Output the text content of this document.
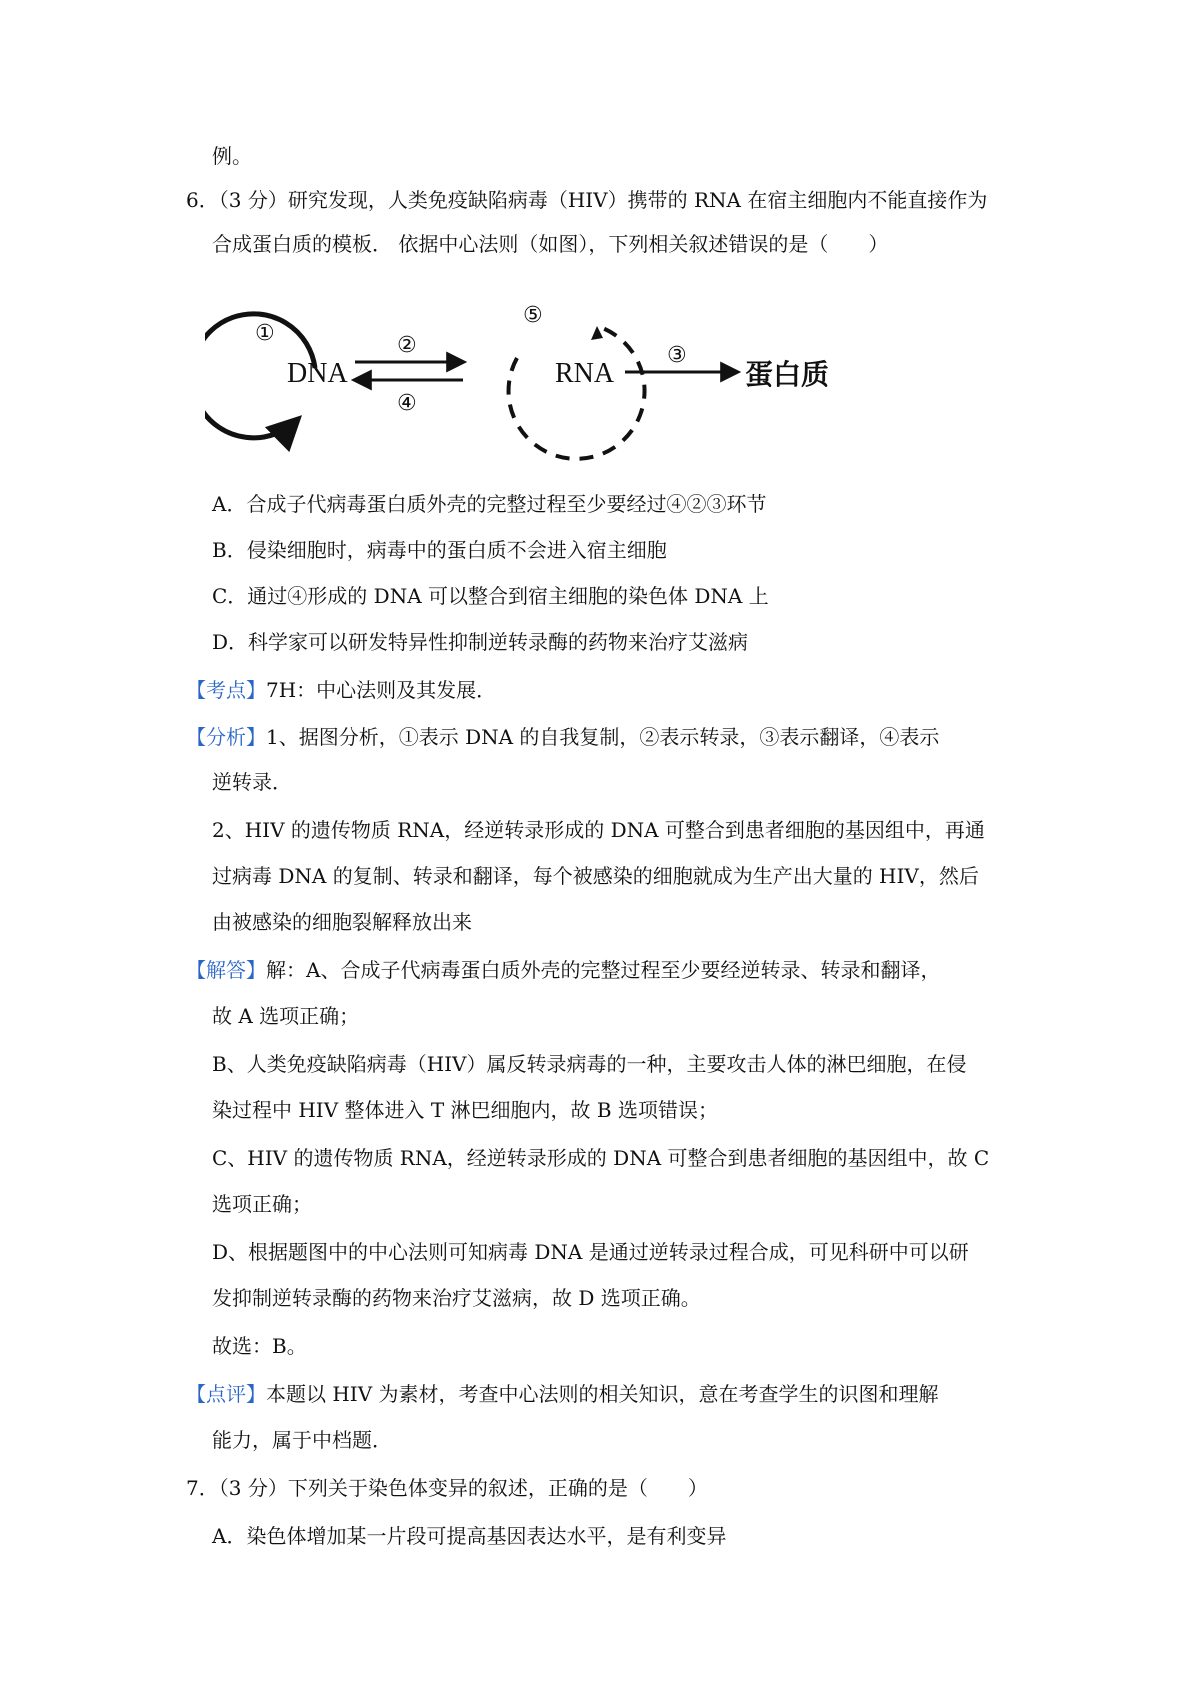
例。
6．（3 分）研究发现，人类免疫缺陷病毒（HIV）携带的 RNA 在宿主细胞内不能直接作为
合成蛋白质的模板． 依据中心法则（如图），下列相关叙述错误的是（　　）
①
DNA
②
④
⑤
RNA
③
蛋白质
A．合成子代病毒蛋白质外壳的完整过程至少要经过④②③环节
B．侵染细胞时，病毒中的蛋白质不会进入宿主细胞
C．通过④形成的 DNA 可以整合到宿主细胞的染色体 DNA 上
D．科学家可以研发特异性抑制逆转录酶的药物来治疗艾滋病
【考点】7H：中心法则及其发展．
【分析】1、据图分析，①表示 DNA 的自我复制，②表示转录，③表示翻译，④表示
逆转录．
2、HIV 的遗传物质 RNA，经逆转录形成的 DNA 可整合到患者细胞的基因组中，再通
过病毒 DNA 的复制、转录和翻译，每个被感染的细胞就成为生产出大量的 HIV，然后
由被感染的细胞裂解释放出来
【解答】解：A、合成子代病毒蛋白质外壳的完整过程至少要经逆转录、转录和翻译，
故 A 选项正确；
B、人类免疫缺陷病毒（HIV）属反转录病毒的一种，主要攻击人体的淋巴细胞，在侵
染过程中 HIV 整体进入 T 淋巴细胞内，故 B 选项错误；
C、HIV 的遗传物质 RNA，经逆转录形成的 DNA 可整合到患者细胞的基因组中，故 C
选项正确；
D、根据题图中的中心法则可知病毒 DNA 是通过逆转录过程合成，可见科研中可以研
发抑制逆转录酶的药物来治疗艾滋病，故 D 选项正确。
故选：B。
【点评】本题以 HIV 为素材，考查中心法则的相关知识，意在考查学生的识图和理解
能力，属于中档题．
7．（3 分）下列关于染色体变异的叙述，正确的是（　　）
A．染色体增加某一片段可提高基因表达水平，是有利变异
